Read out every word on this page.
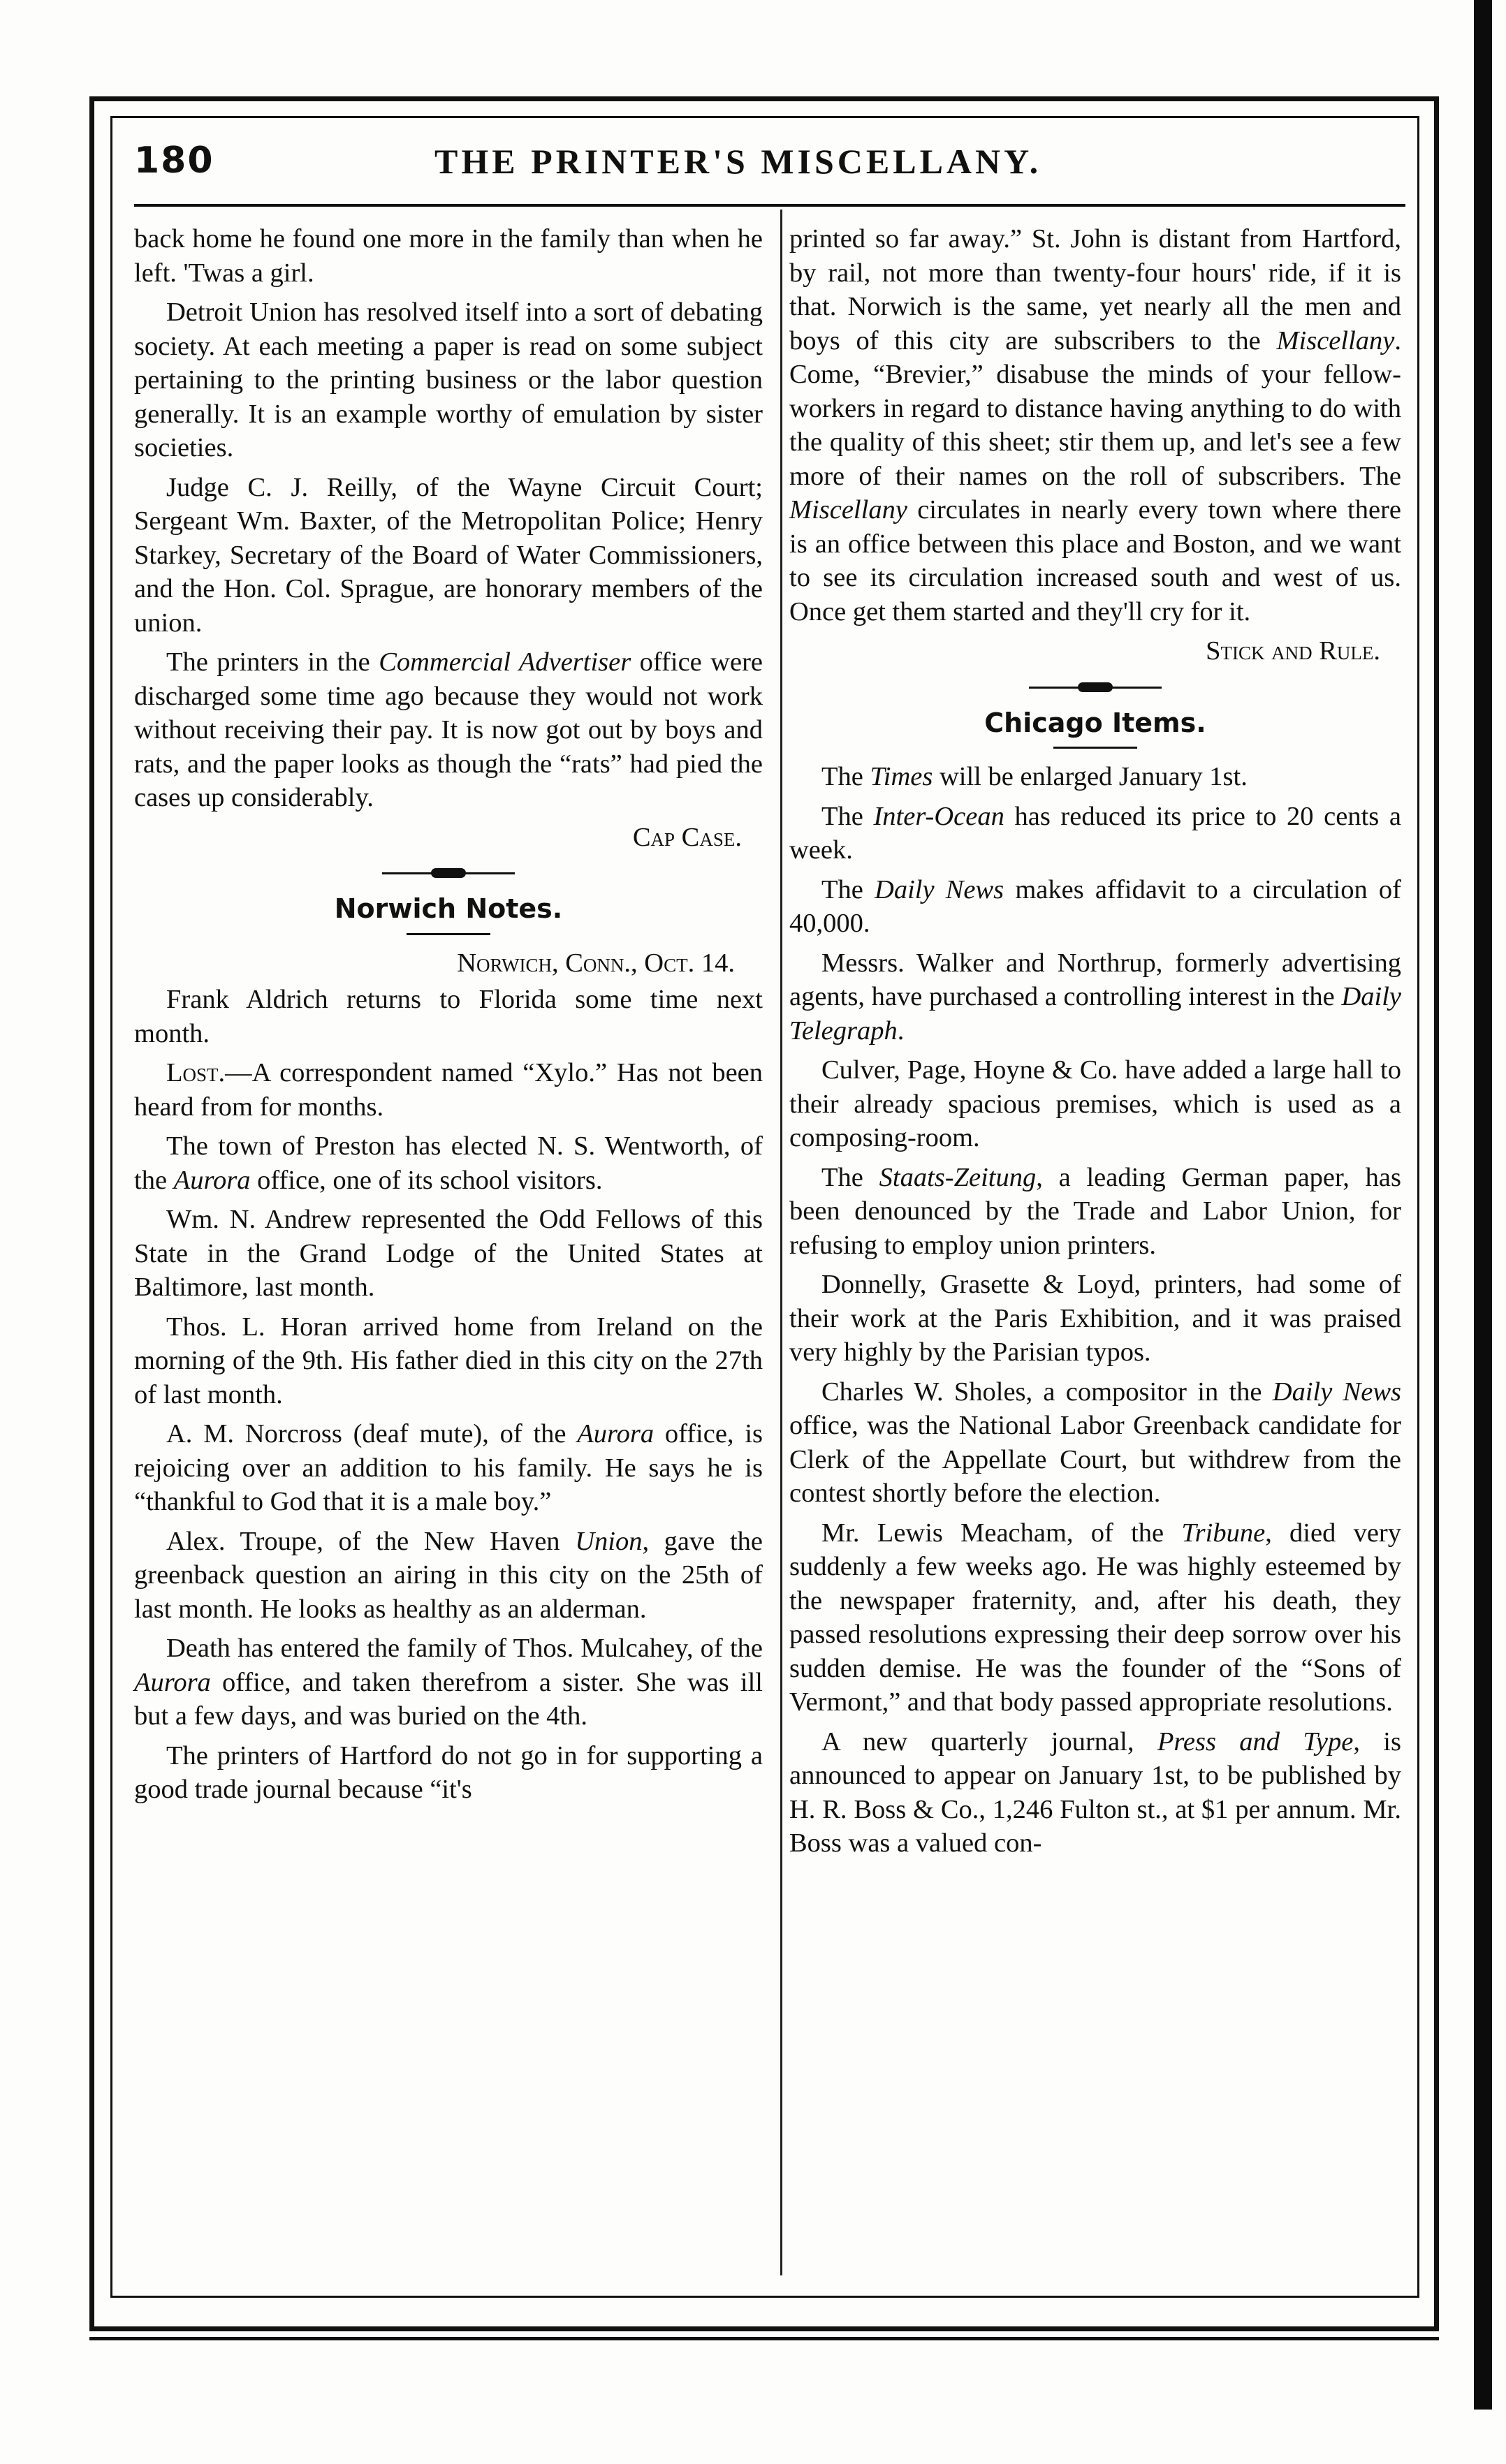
180	THE PRINTER'S MISCELLANY.

back home he found one more in the family than when he left. 'Twas a girl.

Detroit Union has resolved itself into a sort of debating society. At each meeting a paper is read on some subject pertaining to the printing business or the labor question generally. It is an example worthy of emulation by sister societies.

Judge C. J. Reilly, of the Wayne Circuit Court; Sergeant Wm. Baxter, of the Metropolitan Police; Henry Starkey, Secretary of the Board of Water Commissioners, and the Hon. Col. Sprague, are honorary members of the union.

The printers in the Commercial Advertiser office were discharged some time ago because they would not work without receiving their pay. It is now got out by boys and rats, and the paper looks as though the “rats” had pied the cases up considerably.

Cap Case.

Norwich Notes.

Norwich, Conn., Oct. 14.

Frank Aldrich returns to Florida some time next month.

Lost.—A correspondent named “Xylo.” Has not been heard from for months.

The town of Preston has elected N. S. Wentworth, of the Aurora office, one of its school visitors.

Wm. N. Andrew represented the Odd Fellows of this State in the Grand Lodge of the United States at Baltimore, last month.

Thos. L. Horan arrived home from Ireland on the morning of the 9th. His father died in this city on the 27th of last month.

A. M. Norcross (deaf mute), of the Aurora office, is rejoicing over an addition to his family. He says he is “thankful to God that it is a male boy.”

Alex. Troupe, of the New Haven Union, gave the greenback question an airing in this city on the 25th of last month. He looks as healthy as an alderman.

Death has entered the family of Thos. Mulcahey, of the Aurora office, and taken therefrom a sister. She was ill but a few days, and was buried on the 4th.

The printers of Hartford do not go in for supporting a good trade journal because “it's

printed so far away.” St. John is distant from Hartford, by rail, not more than twenty-four hours' ride, if it is that. Norwich is the same, yet nearly all the men and boys of this city are subscribers to the Miscellany. Come, “Brevier,” disabuse the minds of your fellow-workers in regard to distance having anything to do with the quality of this sheet; stir them up, and let's see a few more of their names on the roll of subscribers. The Miscellany circulates in nearly every town where there is an office between this place and Boston, and we want to see its circulation increased south and west of us. Once get them started and they'll cry for it.

Stick and Rule.

Chicago Items.

The Times will be enlarged January 1st.

The Inter-Ocean has reduced its price to 20 cents a week.

The Daily News makes affidavit to a circulation of 40,000.

Messrs. Walker and Northrup, formerly advertising agents, have purchased a controlling interest in the Daily Telegraph.

Culver, Page, Hoyne & Co. have added a large hall to their already spacious premises, which is used as a composing-room.

The Staats-Zeitung, a leading German paper, has been denounced by the Trade and Labor Union, for refusing to employ union printers.

Donnelly, Grasette & Loyd, printers, had some of their work at the Paris Exhibition, and it was praised very highly by the Parisian typos.

Charles W. Sholes, a compositor in the Daily News office, was the National Labor Greenback candidate for Clerk of the Appellate Court, but withdrew from the contest shortly before the election.

Mr. Lewis Meacham, of the Tribune, died very suddenly a few weeks ago. He was highly esteemed by the newspaper fraternity, and, after his death, they passed resolutions expressing their deep sorrow over his sudden demise. He was the founder of the “Sons of Vermont,” and that body passed appropriate resolutions.

A new quarterly journal, Press and Type, is announced to appear on January 1st, to be published by H. R. Boss & Co., 1,246 Fulton st., at $1 per annum. Mr. Boss was a valued con-
